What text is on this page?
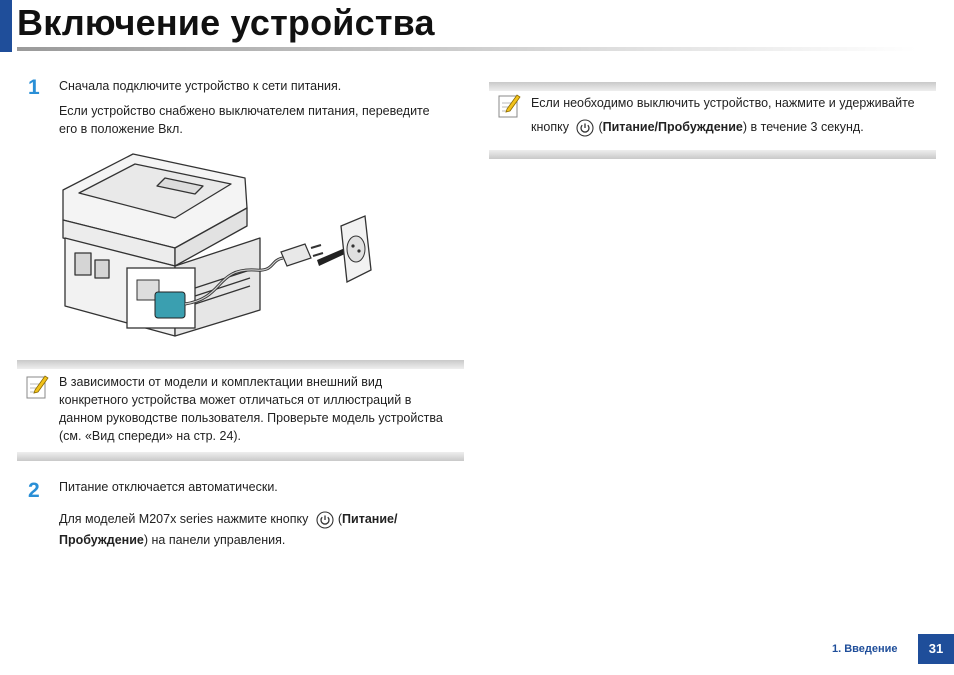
Включение устройства
1 Сначала подключите устройство к сети питания.
Если устройство снабжено выключателем питания, переведите
его в положение Вкл.
В зависимости от модели и комплектации внешний вид
конкретного устройства может отличаться от иллюстраций в
данном руководстве пользователя. Проверьте модель устройства
(см. «Вид спереди» на стр. 24).
2 Питание отключается автоматически.
Для моделей M207x series нажмите кнопку (Питание/
Пробуждение) на панели управления.
Если необходимо выключить устройство, нажмите и удерживайте
кнопку (Питание/Пробуждение) в течение 3 секунд.
1. Введение	31
